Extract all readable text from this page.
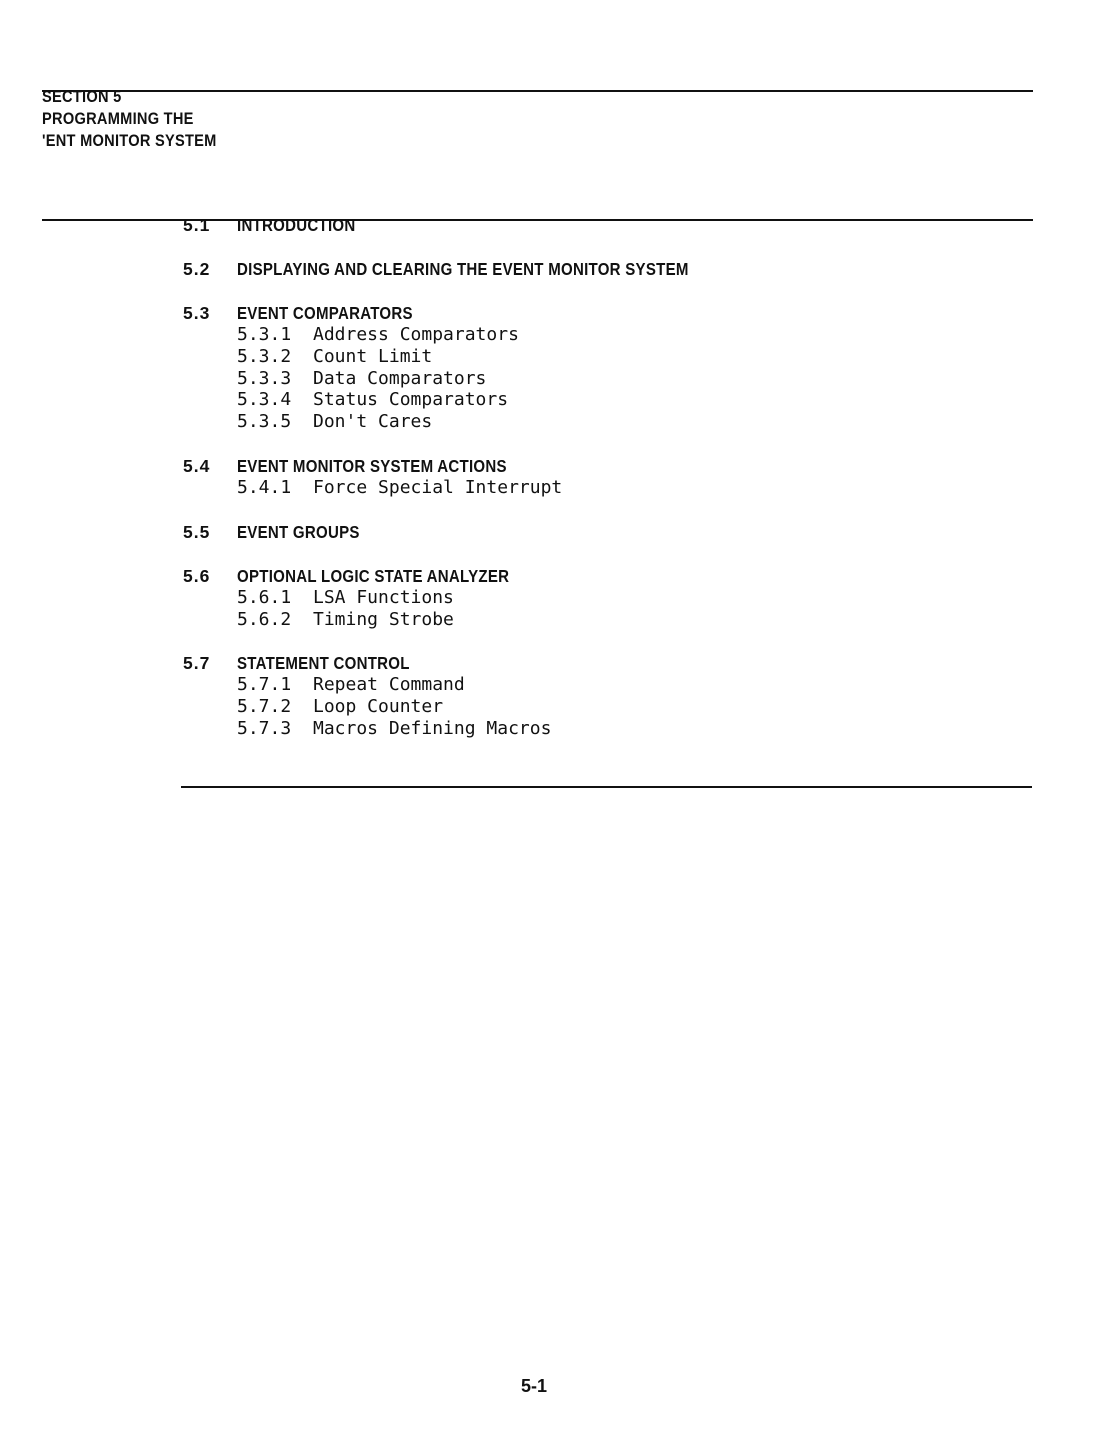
SECTION 5
PROGRAMMING THE
'ENT MONITOR SYSTEM
5.1	INTRODUCTION
5.2	DISPLAYING AND CLEARING THE EVENT MONITOR SYSTEM
5.3	EVENT COMPARATORS
5.3.1	Address Comparators
5.3.2	Count Limit
5.3.3	Data Comparators
5.3.4	Status Comparators
5.3.5	Don't Cares
5.4	EVENT MONITOR SYSTEM ACTIONS
5.4.1	Force Special Interrupt
5.5	EVENT GROUPS
5.6	OPTIONAL LOGIC STATE ANALYZER
5.6.1	LSA Functions
5.6.2	Timing Strobe
5.7	STATEMENT CONTROL
5.7.1	Repeat Command
5.7.2	Loop Counter
5.7.3	Macros Defining Macros
5-1
